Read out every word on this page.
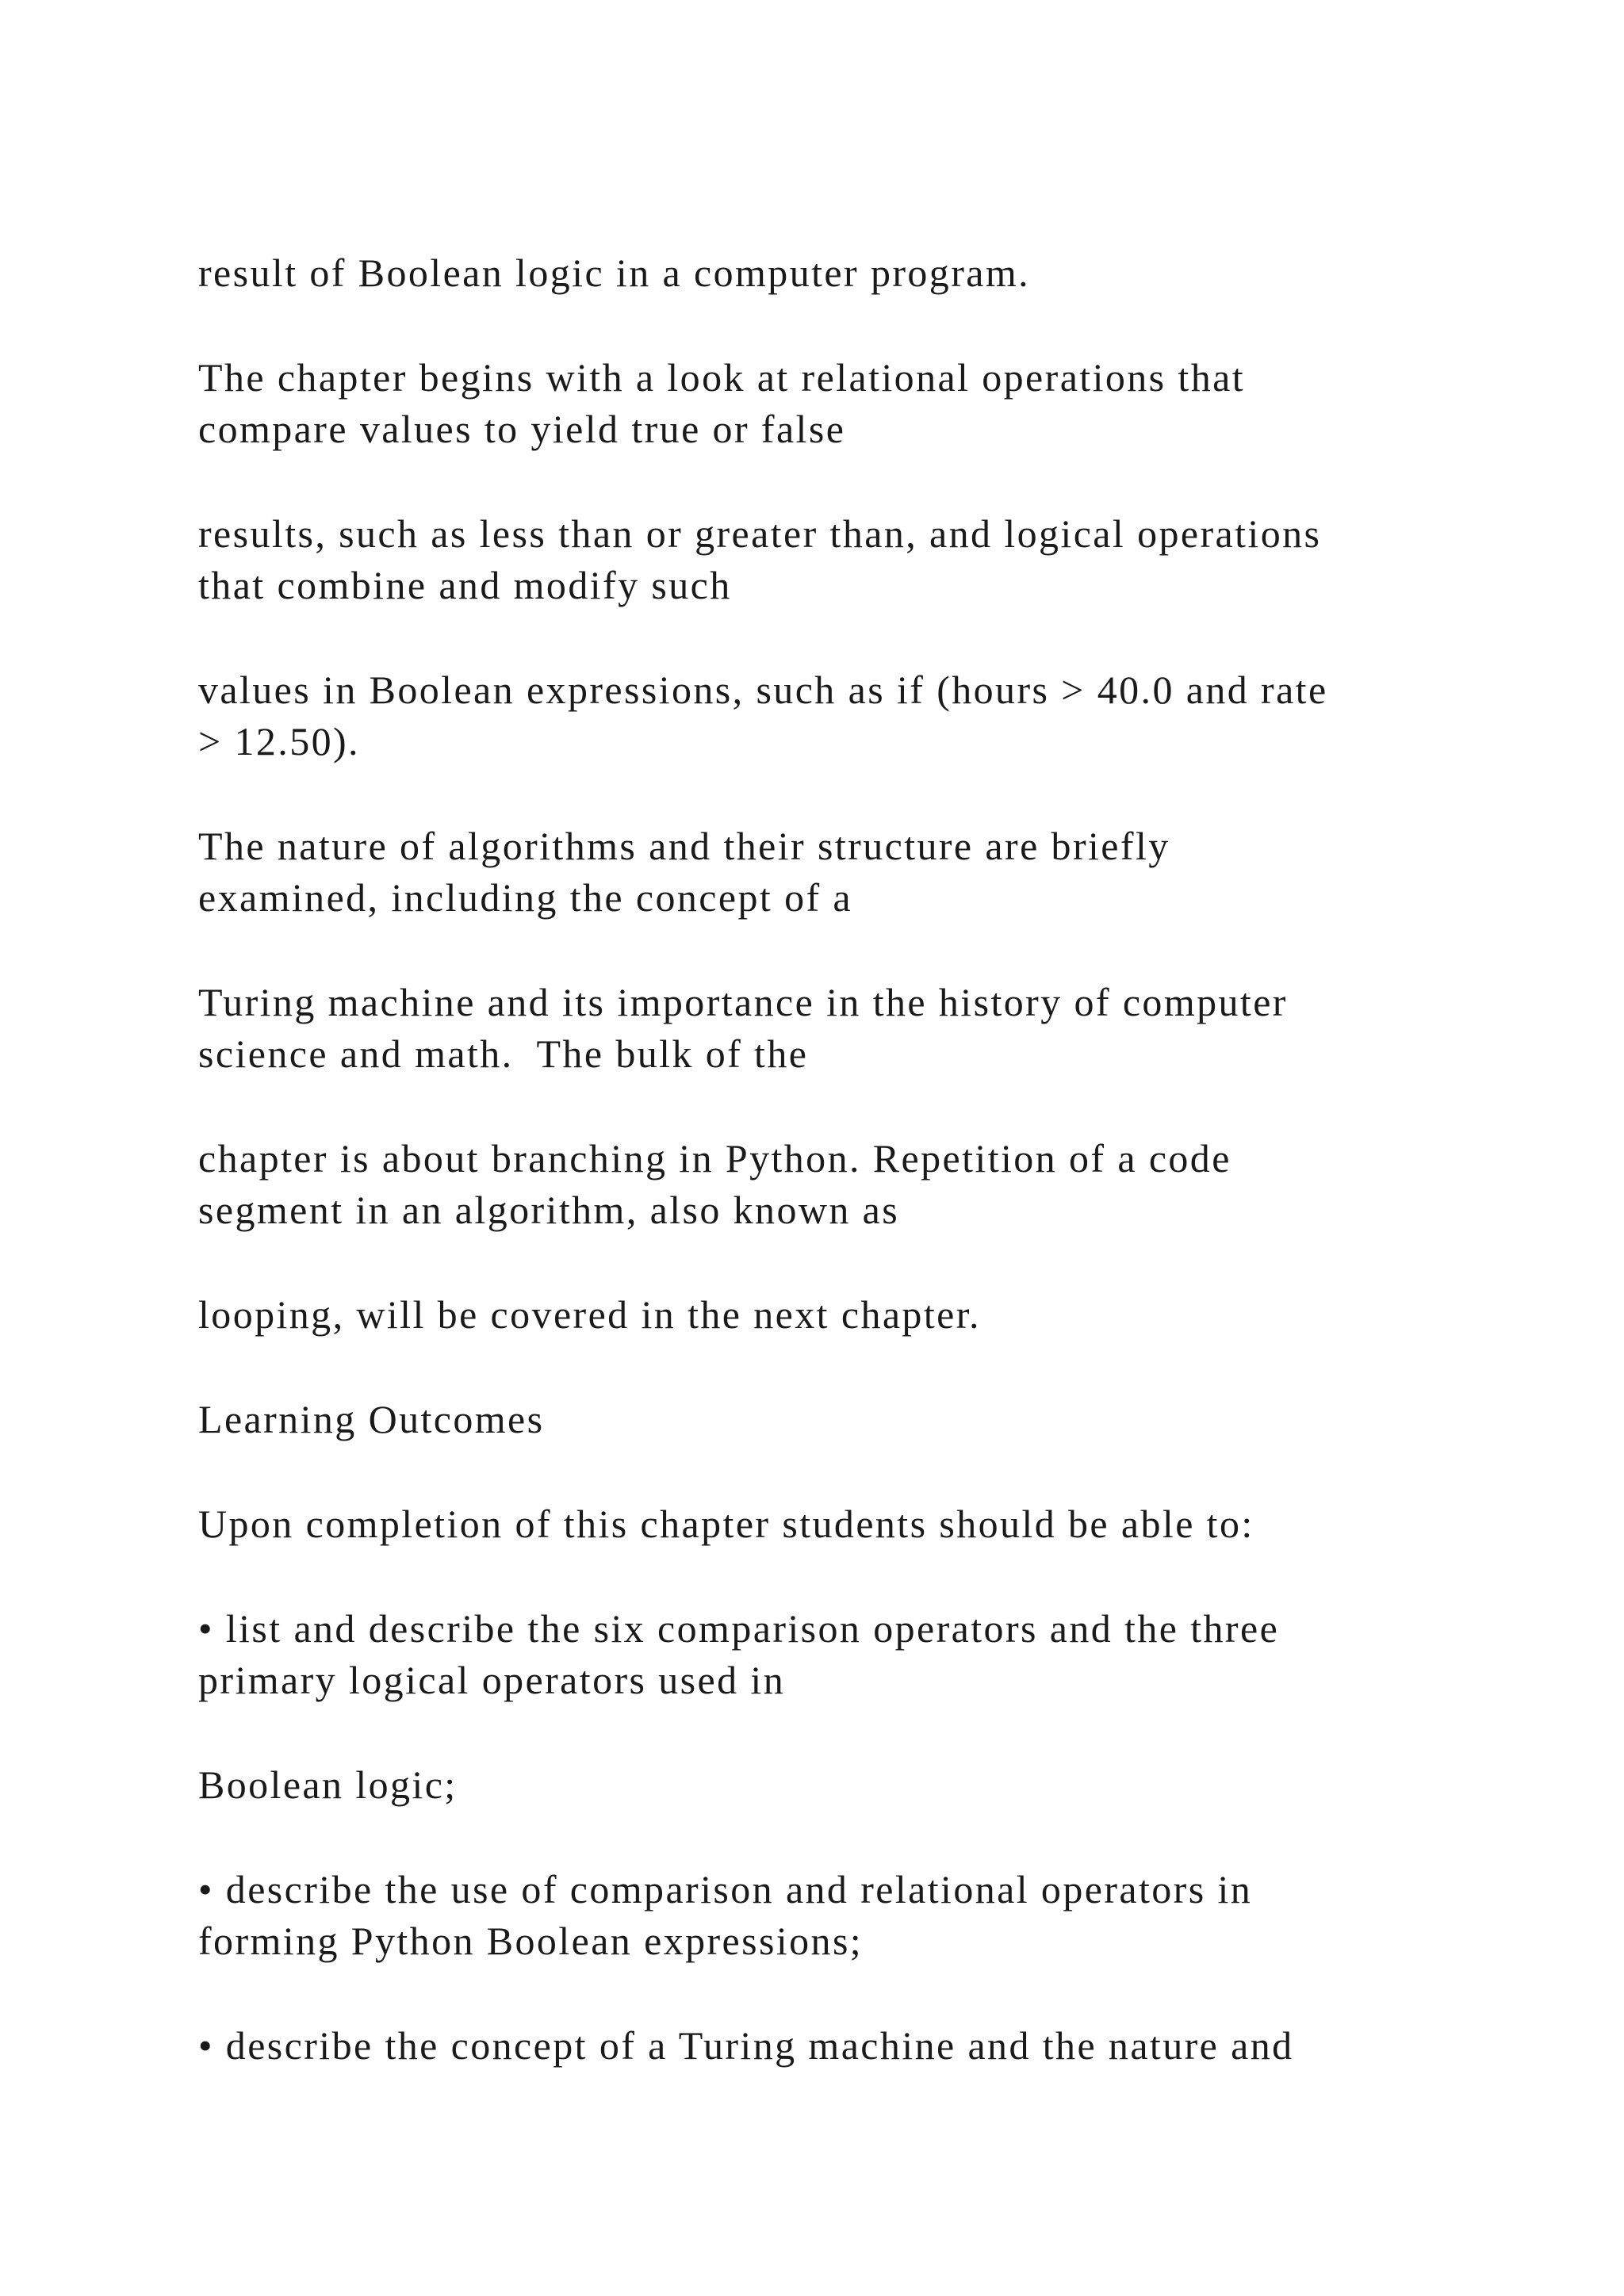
result of Boolean logic in a computer program.

The chapter begins with a look at relational operations that
compare values to yield true or false

results, such as less than or greater than, and logical operations
that combine and modify such

values in Boolean expressions, such as if (hours > 40.0 and rate
> 12.50).

The nature of algorithms and their structure are briefly
examined, including the concept of a

Turing machine and its importance in the history of computer
science and math.  The bulk of the

chapter is about branching in Python. Repetition of a code
segment in an algorithm, also known as

looping, will be covered in the next chapter.

Learning Outcomes

Upon completion of this chapter students should be able to:

• list and describe the six comparison operators and the three
primary logical operators used in

Boolean logic;

• describe the use of comparison and relational operators in
forming Python Boolean expressions;

• describe the concept of a Turing machine and the nature and
